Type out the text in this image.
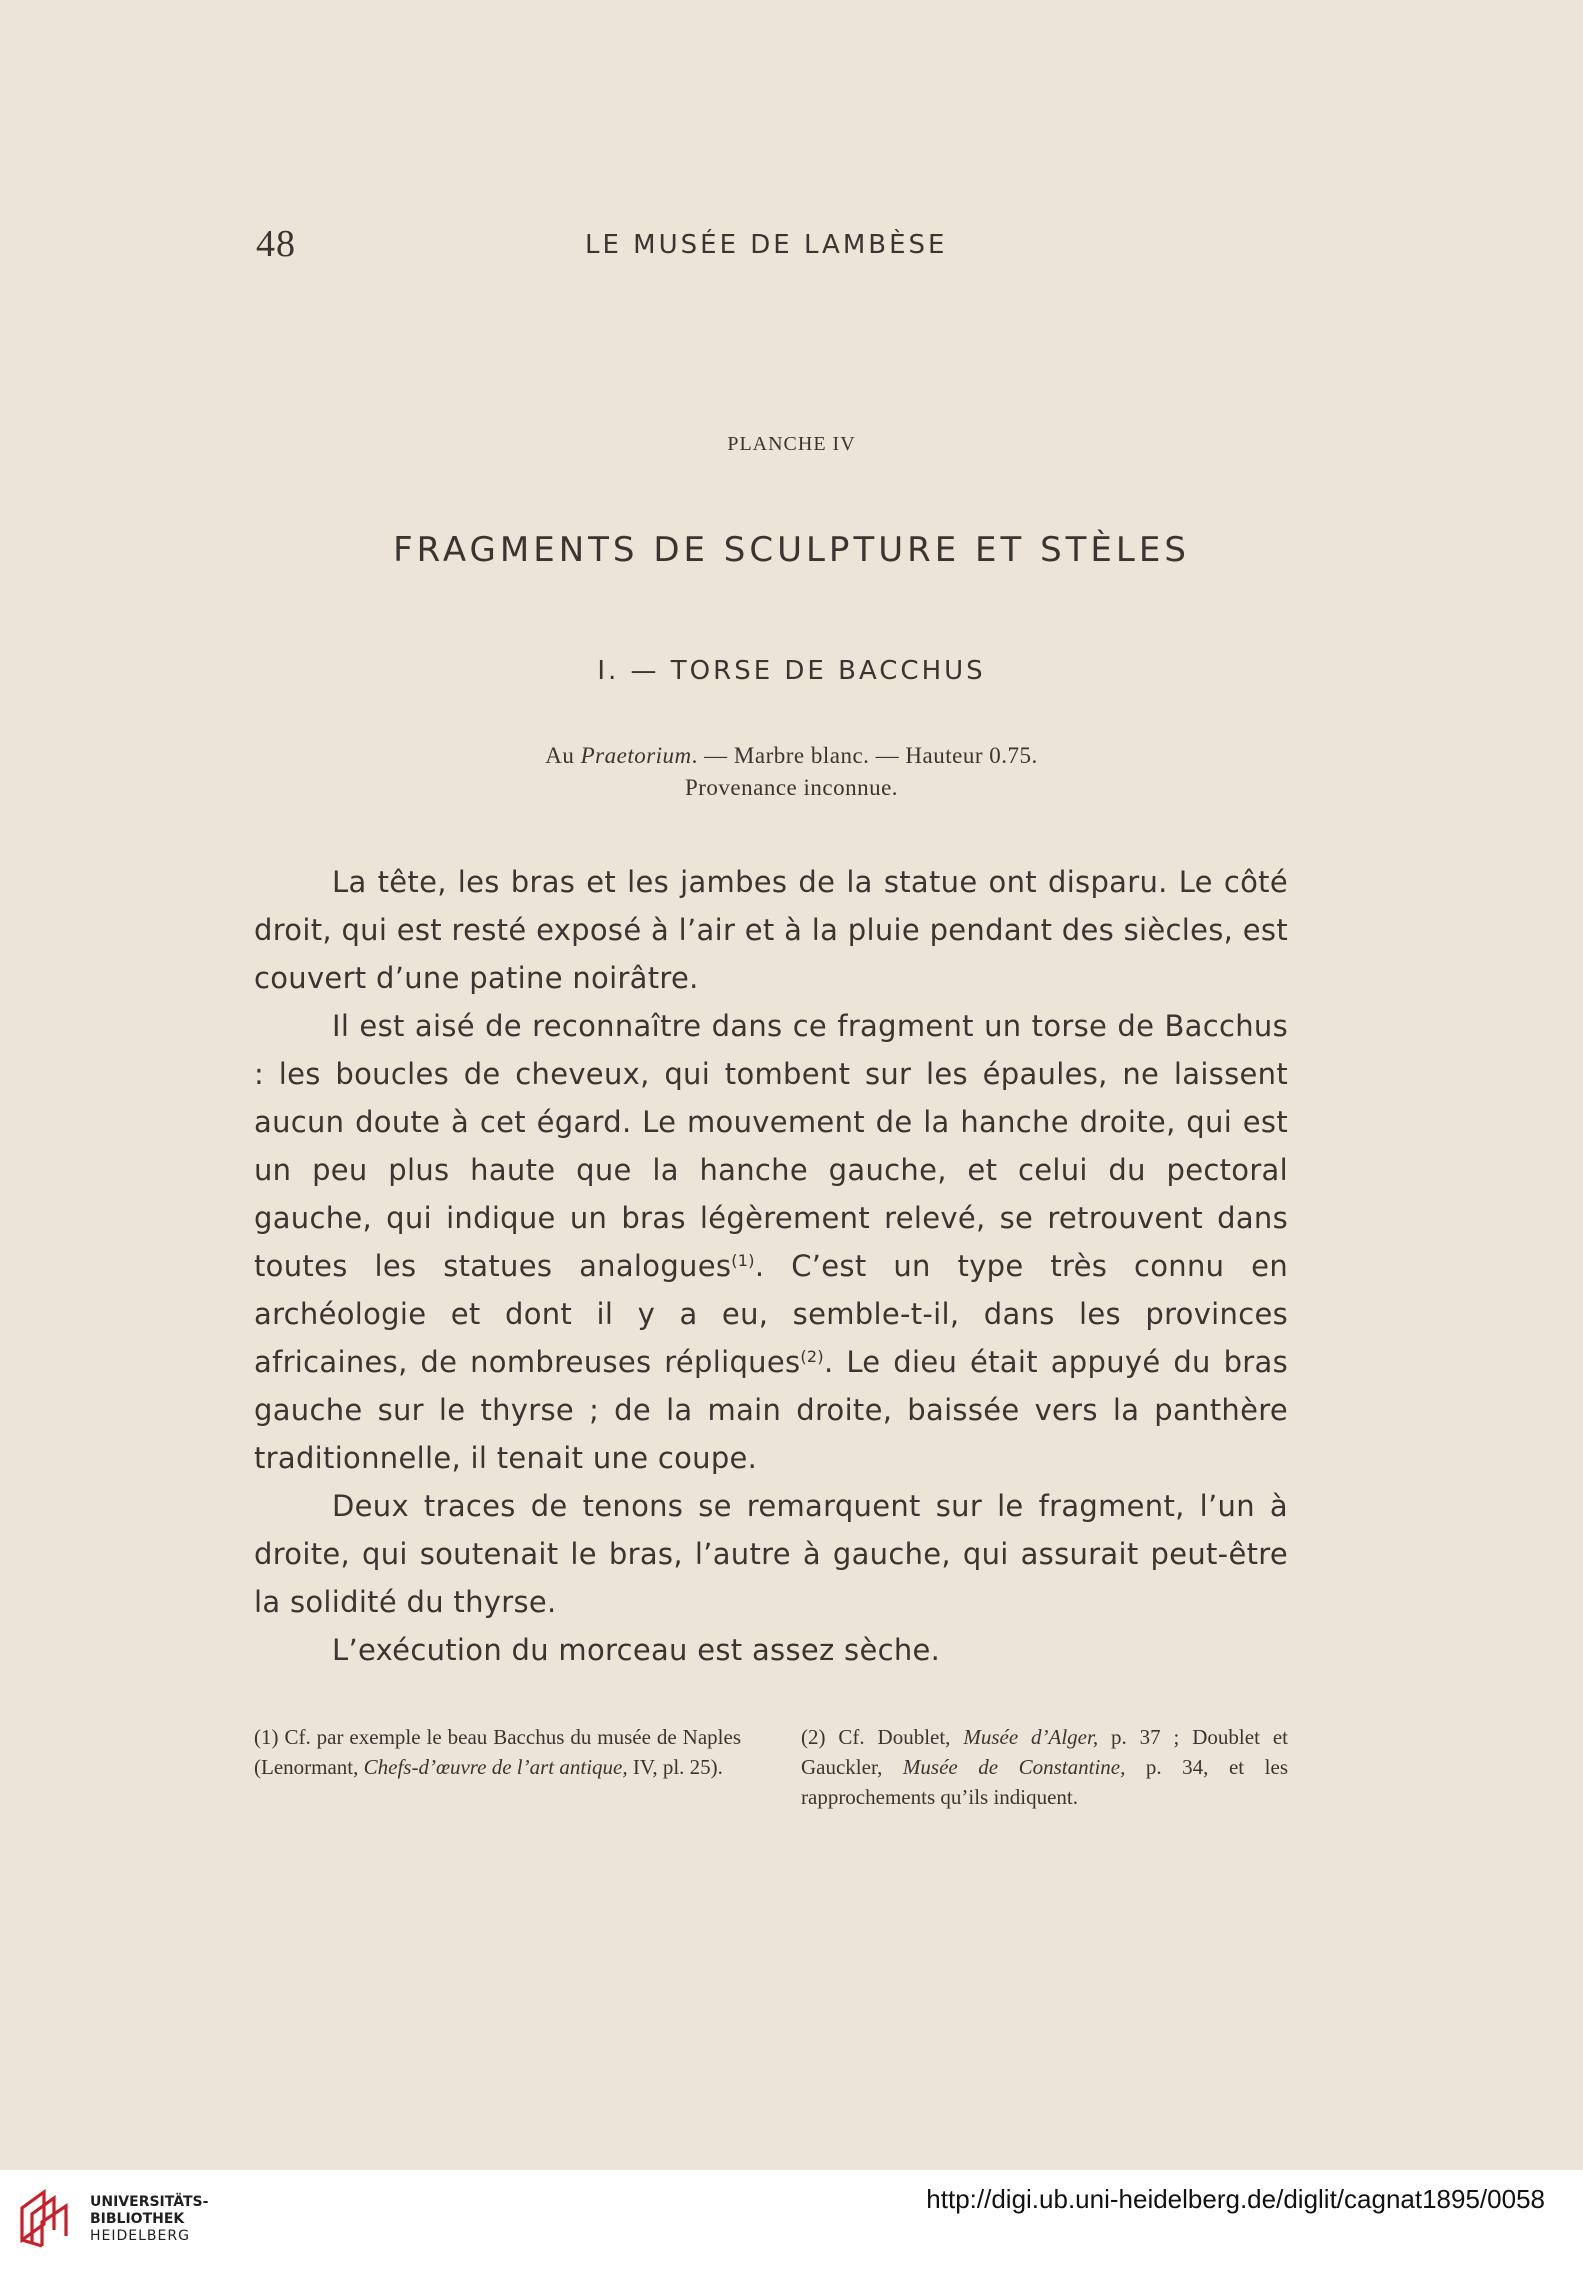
48	LE MUSÉE DE LAMBÈSE
PLANCHE IV
FRAGMENTS DE SCULPTURE ET STÈLES
I. — TORSE DE BACCHUS
Au Praetorium. — Marbre blanc. — Hauteur 0.75.
Provenance inconnue.

La tête, les bras et les jambes de la statue ont disparu. Le côté droit, qui est resté exposé à l’air et à la pluie pendant des siècles, est couvert d’une patine noirâtre.

Il est aisé de reconnaître dans ce fragment un torse de Bacchus : les boucles de cheveux, qui tombent sur les épaules, ne laissent aucun doute à cet égard. Le mouvement de la hanche droite, qui est un peu plus haute que la hanche gauche, et celui du pectoral gauche, qui indique un bras légèrement relevé, se retrouvent dans toutes les statues analogues$^{(1)}$. C’est un type très connu en archéologie et dont il y a eu, semble-t-il, dans les provinces africaines, de nombreuses répliques$^{(2)}$. Le dieu était appuyé du bras gauche sur le thyrse ; de la main droite, baissée vers la panthère traditionnelle, il tenait une coupe.

Deux traces de tenons se remarquent sur le fragment, l’un à droite, qui soutenait le bras, l’autre à gauche, qui assurait peut-être la solidité du thyrse.

L’exécution du morceau est assez sèche.

(1) Cf. par exemple le beau Bacchus du musée de Naples (Lenormant, Chefs-d’œuvre de l’art antique, IV, pl. 25).
(2) Cf. Doublet, Musée d’Alger, p. 37 ; Doublet et Gauckler, Musée de Constantine, p. 34, et les rapprochements qu’ils indiquent.
UNIVERSITÄTS-
BIBLIOTHEK
HEIDELBERG
http://digi.ub.uni-heidelberg.de/diglit/cagnat1895/0058
